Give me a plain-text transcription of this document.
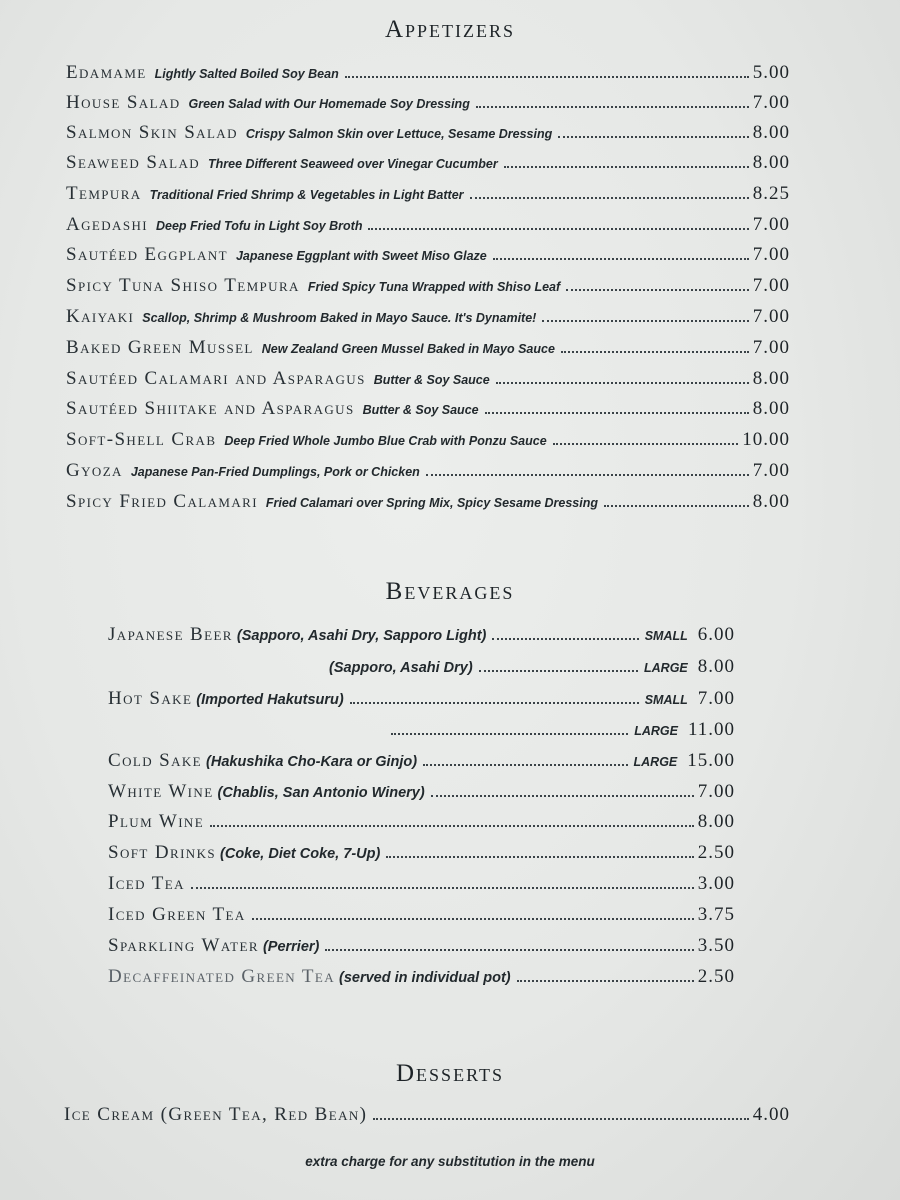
Appetizers
Edamame Lightly Salted Boiled Soy Bean	5.00
House Salad Green Salad with Our Homemade Soy Dressing	7.00
Salmon Skin Salad Crispy Salmon Skin over Lettuce, Sesame Dressing	8.00
Seaweed Salad Three Different Seaweed over Vinegar Cucumber	8.00
Tempura Traditional Fried Shrimp & Vegetables in Light Batter	8.25
Agedashi Deep Fried Tofu in Light Soy Broth	7.00
Sautéed Eggplant Japanese Eggplant with Sweet Miso Glaze	7.00
Spicy Tuna Shiso Tempura Fried Spicy Tuna Wrapped with Shiso Leaf	7.00
Kaiyaki Scallop, Shrimp & Mushroom Baked in Mayo Sauce. It's Dynamite!	7.00
Baked Green Mussel New Zealand Green Mussel Baked in Mayo Sauce	7.00
Sautéed Calamari and Asparagus Butter & Soy Sauce	8.00
Sautéed Shiitake and Asparagus Butter & Soy Sauce	8.00
Soft-Shell Crab Deep Fried Whole Jumbo Blue Crab with Ponzu Sauce	10.00
Gyoza Japanese Pan-Fried Dumplings, Pork or Chicken	7.00
Spicy Fried Calamari Fried Calamari over Spring Mix, Spicy Sesame Dressing	8.00
Beverages
Japanese Beer (Sapporo, Asahi Dry, Sapporo Light)	SMALL 6.00
(Sapporo, Asahi Dry)	LARGE 8.00
Hot Sake (Imported Hakutsuru)	SMALL 7.00
LARGE 11.00
Cold Sake (Hakushika Cho-Kara or Ginjo)	LARGE 15.00
White Wine (Chablis, San Antonio Winery)	7.00
Plum Wine	8.00
Soft Drinks (Coke, Diet Coke, 7-Up)	2.50
Iced Tea	3.00
Iced Green Tea	3.75
Sparkling Water (Perrier)	3.50
Decaffeinated Green Tea (served in individual pot)	2.50
Desserts
Ice Cream (Green Tea, Red Bean)	4.00
extra charge for any substitution in the menu
